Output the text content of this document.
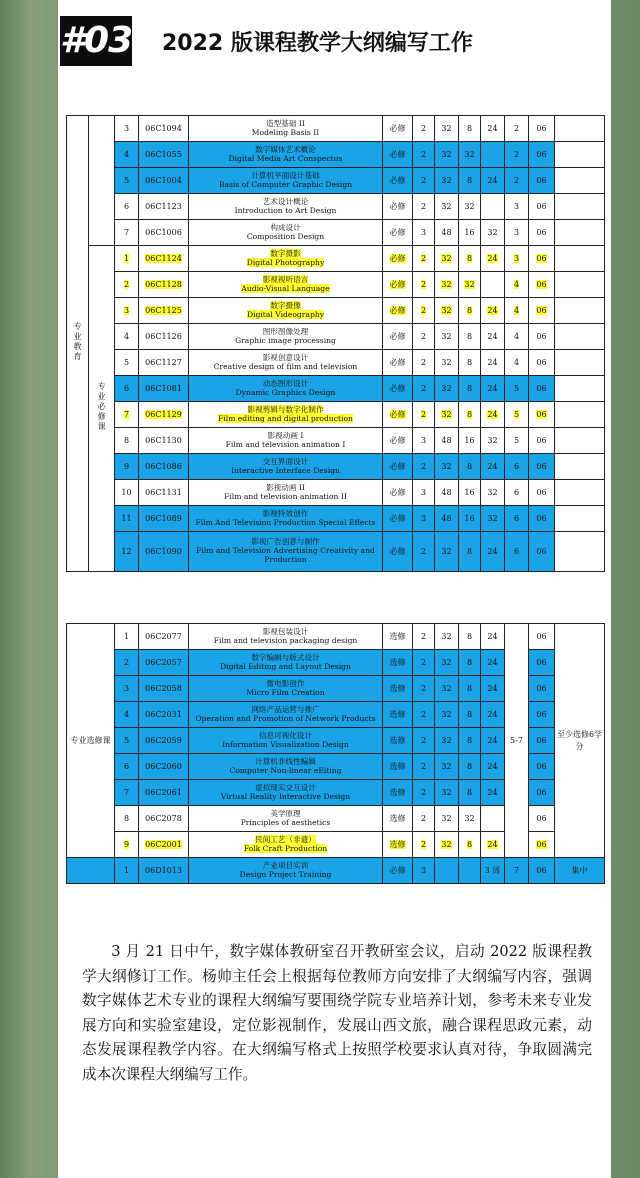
#03 2022 版课程教学大纲编写工作
专业教育		3	06C1094	造型基础 II
Modeling Basis II	必修	2	32	8	24	2	06	
		4	06C1055	数字媒体艺术概论
Digital Media Art Conspectus	必修	2	32	32		2	06	
		5	06C1004	计算机平面设计基础
Basis of Computer Graphic Design	必修	2	32	8	24	2	06	
		6	06C1123	艺术设计概论
Introduction to Art Design	必修	2	32	32		3	06	
		7	06C1006	构成设计
Composition Design	必修	3	48	16	32	3	06	
	专业必修课	1	06C1124	数字摄影
Digital Photography	必修	2	32	8	24	3	06	
		2	06C1128	影视视听语言
Audio-Visual Language	必修	2	32	32		4	06	
		3	06C1125	数字摄像
Digital Videography	必修	2	32	8	24	4	06	
		4	06C1126	图形图像处理
Graphic image processing	必修	2	32	8	24	4	06	
		5	06C1127	影视创意设计
Creative design of film and television	必修	2	32	8	24	4	06	
		6	06C1081	动态图形设计
Dynamic Graphics Design	必修	2	32	8	24	5	06	
		7	06C1129	影视剪辑与数字化制作
Film editing and digital production	必修	2	32	8	24	5	06	
		8	06C1130	影视动画 I
Film and television animation I	必修	3	48	16	32	5	06	
		9	06C1086	交互界面设计
Interactive Interface Design	必修	2	32	8	24	6	06	
		10	06C1131	影视动画 II
Film and television animation II	必修	3	48	16	32	6	06	
		11	06C1089	影视特效创作
Film And Television Production Special Effects	必修	3	48	16	32	6	06	
		12	06C1090	影视广告创意与制作
Film and Television Advertising Creativity and Production	必修	2	32	8	24	6	06	
专业选修课	1	06C2077	影视包装设计
Film and television packaging design	选修	2	32	8	24	5-7	06	至少选修6学分
	2	06C2057	数字编辑与版式设计
Digital Editing and Layout Design	选修	2	32	8	24		06	
	3	06C2058	微电影创作
Micro Film Creation	选修	2	32	8	24		06	
	4	06C2031	网络产品运营与推广
Operation and Promotion of Network Products	选修	2	32	8	24		06	
	5	06C2059	信息可视化设计
Information Visualization Design	选修	2	32	8	24		06	
	6	06C2060	计算机非线性编辑
Computer Non-linear eEiting	选修	2	32	8	24		06	
	7	06C2061	虚拟现实交互设计
Virtual Reality Interactive Design	选修	2	32	8	24		06	
	8	06C2078	美学原理
Principles of aesthetics	选修	2	32	32			06	
	9	06C2001	民间工艺（非遗）
Folk Craft Production	选修	2	32	8	24		06	
	1	06D1013	产业项目实训
Design Project Training	必修	3			3 周	7	06	集中
3 月 21 日中午，数字媒体教研室召开教研室会议，启动 2022 版课程教学大纲修订工作。杨帅主任会上根据每位教师方向安排了大纲编写内容，强调数字媒体艺术专业的课程大纲编写要围绕学院专业培养计划，参考未来专业发展方向和实验室建设，定位影视制作，发展山西文旅，融合课程思政元素，动态发展课程教学内容。在大纲编写格式上按照学校要求认真对待，争取圆满完成本次课程大纲编写工作。
